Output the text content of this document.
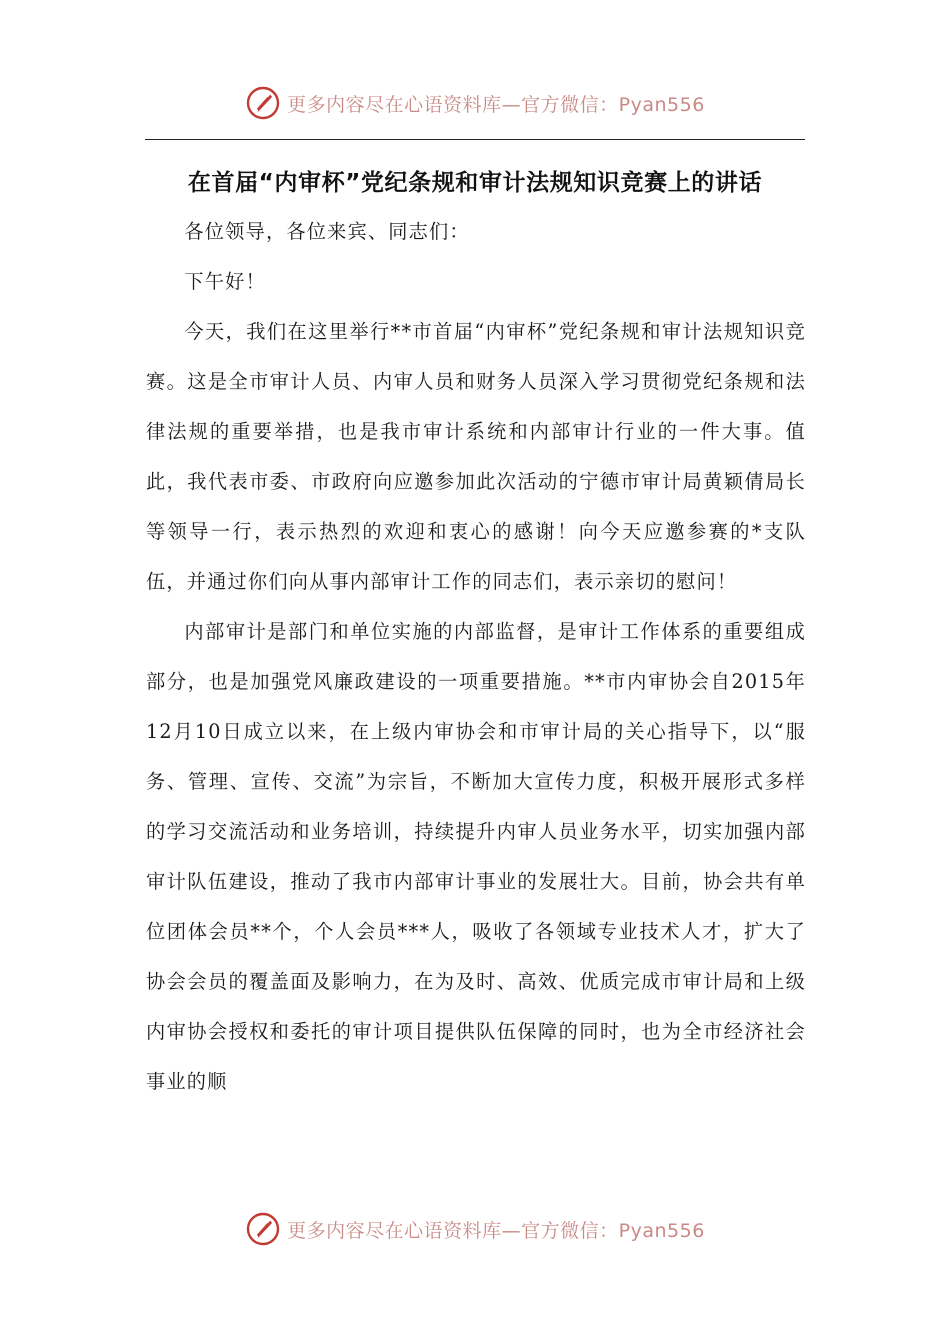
更多内容尽在心语资料库—官方微信：Pyan556
在首届“内审杯”党纪条规和审计法规知识竞赛上的讲话

各位领导，各位来宾、同志们：

下午好！

今天，我们在这里举行**市首届“内审杯”党纪条规和审计法规知识竞赛。这是全市审计人员、内审人员和财务人员深入学习贯彻党纪条规和法律法规的重要举措，也是我市审计系统和内部审计行业的一件大事。值此，我代表市委、市政府向应邀参加此次活动的宁德市审计局黄颖倩局长等领导一行，表示热烈的欢迎和衷心的感谢！向今天应邀参赛的*支队伍，并通过你们向从事内部审计工作的同志们，表示亲切的慰问！

内部审计是部门和单位实施的内部监督，是审计工作体系的重要组成部分，也是加强党风廉政建设的一项重要措施。**市内审协会自2015年12月10日成立以来，在上级内审协会和市审计局的关心指导下，以“服务、管理、宣传、交流”为宗旨，不断加大宣传力度，积极开展形式多样的学习交流活动和业务培训，持续提升内审人员业务水平，切实加强内部审计队伍建设，推动了我市内部审计事业的发展壮大。目前，协会共有单位团体会员**个，个人会员***人，吸收了各领域专业技术人才，扩大了协会会员的覆盖面及影响力，在为及时、高效、优质完成市审计局和上级内审协会授权和委托的审计项目提供队伍保障的同时，也为全市经济社会事业的顺

更多内容尽在心语资料库—官方微信：Pyan556
